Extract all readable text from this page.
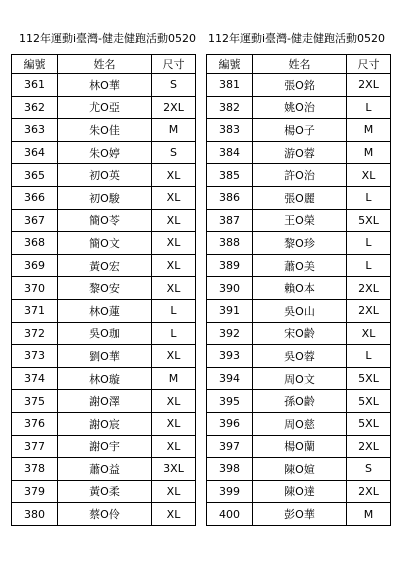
112年運動i臺灣-健走健跑活動0520
編號	姓名	尺寸
361	林O華	S
362	尤O亞	2XL
363	朱O佳	M
364	朱O婷	S
365	初O英	XL
366	初O駿	XL
367	簡O苓	XL
368	簡O文	XL
369	黃O宏	XL
370	黎O安	XL
371	林O蓮	L
372	吳O珈	L
373	劉O華	XL
374	林O璇	M
375	謝O澤	XL
376	謝O宸	XL
377	謝O宇	XL
378	蕭O益	3XL
379	黃O柔	XL
380	蔡O伶	XL
112年運動i臺灣-健走健跑活動0520
編號	姓名	尺寸
381	張O銘	2XL
382	姚O治	L
383	楊O子	M
384	游O蓉	M
385	許O治	XL
386	張O麗	L
387	王O榮	5XL
388	黎O珍	L
389	蕭O美	L
390	賴O本	2XL
391	吳O山	2XL
392	宋O齡	XL
393	吳O蓉	L
394	周O文	5XL
395	孫O齡	5XL
396	周O慈	5XL
397	楊O蘭	2XL
398	陳O媗	S
399	陳O達	2XL
400	彭O華	M
